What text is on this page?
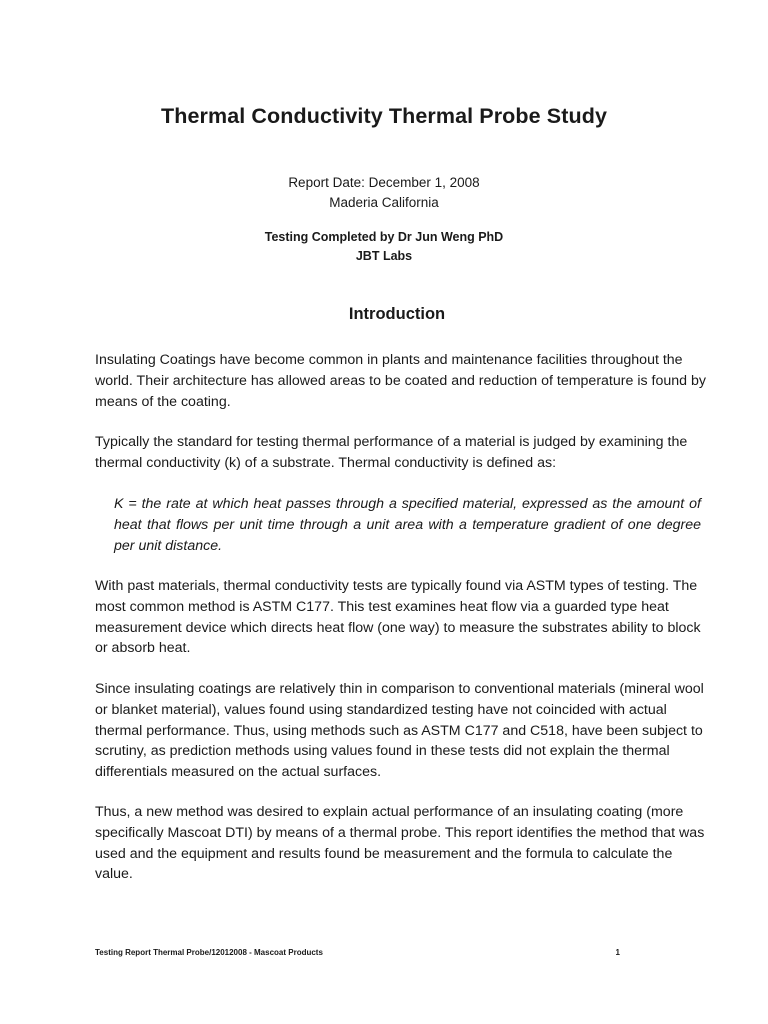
Thermal Conductivity Thermal Probe Study
Report Date: December 1, 2008
Maderia California
Testing Completed by Dr Jun Weng PhD
JBT Labs
Introduction

Insulating Coatings have become common in plants and maintenance facilities throughout the world. Their architecture has allowed areas to be coated and reduction of temperature is found by means of the coating.

Typically the standard for testing thermal performance of a material is judged by examining the thermal conductivity (k) of a substrate. Thermal conductivity is defined as:

K = the rate at which heat passes through a specified material, expressed as the amount of heat that flows per unit time through a unit area with a temperature gradient of one degree per unit distance.

With past materials, thermal conductivity tests are typically found via ASTM types of testing. The most common method is ASTM C177. This test examines heat flow via a guarded type heat measurement device which directs heat flow (one way) to measure the substrates ability to block or absorb heat.

Since insulating coatings are relatively thin in comparison to conventional materials (mineral wool or blanket material), values found using standardized testing have not coincided with actual thermal performance. Thus, using methods such as ASTM C177 and C518, have been subject to scrutiny, as prediction methods using values found in these tests did not explain the thermal differentials measured on the actual surfaces.

Thus, a new method was desired to explain actual performance of an insulating coating (more specifically Mascoat DTI) by means of a thermal probe. This report identifies the method that was used and the equipment and results found be measurement and the formula to calculate the value.

Testing Report Thermal Probe/12012008 - Mascoat Products	1
